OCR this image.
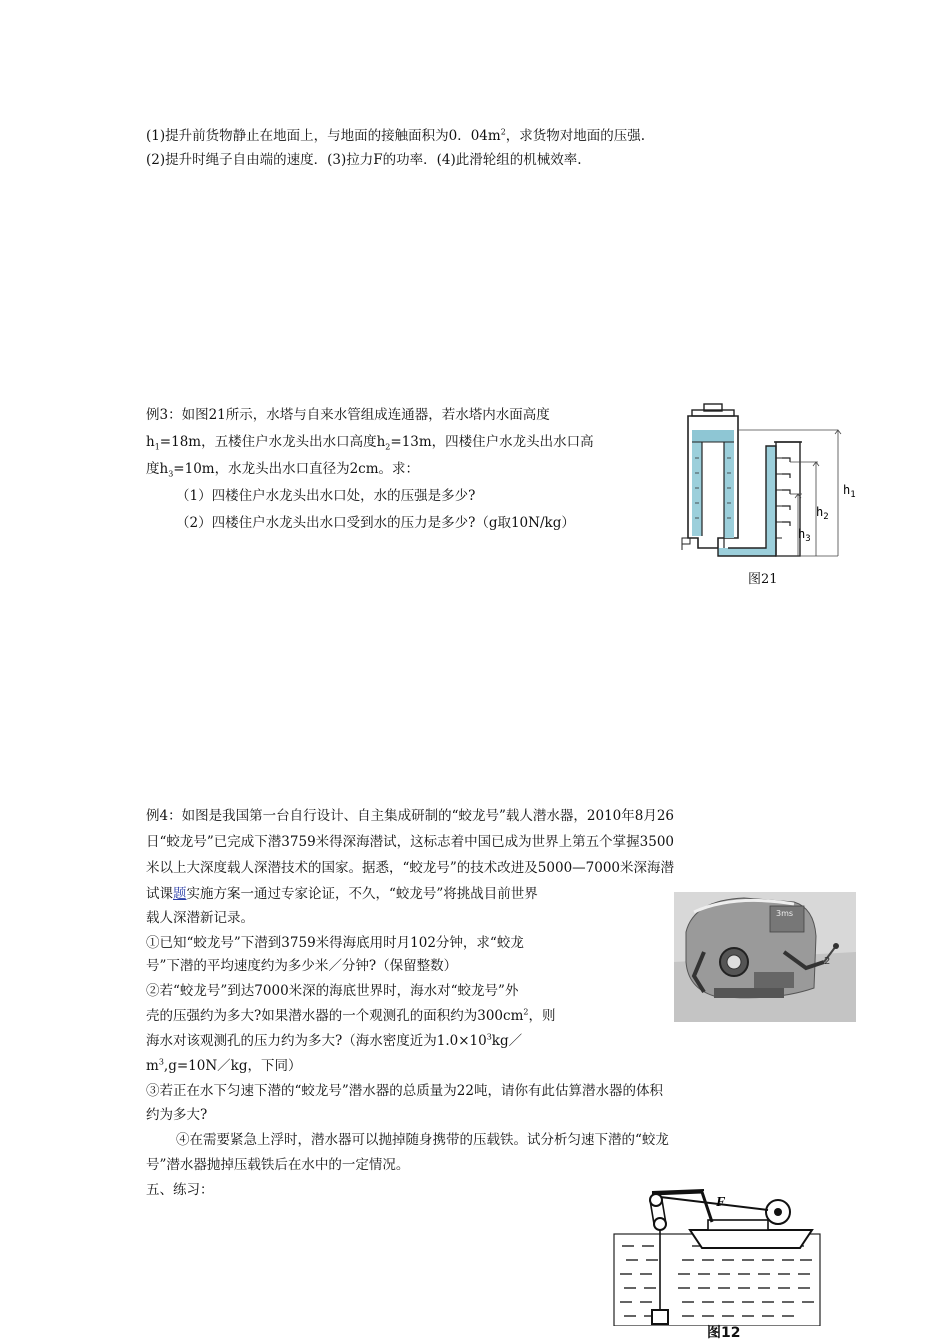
(1)提升前货物静止在地面上，与地面的接触面积为0．$04m^2$，求货物对地面的压强.
(2)提升时绳子自由端的速度．(3)拉力F的功率．(4)此滑轮组的机械效率.
例3：如图21所示，水塔与自来水管组成连通器，若水塔内水面高度
$h_1=18m$，五楼住户水龙头出水口高度$h_2=13m$，四楼住户水龙头出水口高
度$h_3=10m$，水龙头出水口直径为2cm。求：
（1）四楼住户水龙头出水口处，水的压强是多少?
（2）四楼住户水龙头出水口受到水的压力是多少?（g取10N/kg）
$h_1$
$h_2$
$h_3$
图21
例4：如图是我国第一台自行设计、自主集成研制的“蛟龙号”载人潜水器，2010年8月26
日“蛟龙号”已完成下潜3759米得深海潜试，这标志着中国已成为世界上第五个掌握3500
米以上大深度载人深潜技术的国家。据悉，“蛟龙号”的技术改进及5000—7000米深海潜
试课题实施方案一通过专家论证，不久，“蛟龙号”将挑战目前世界
载人深潜新记录。
①已知“蛟龙号”下潜到3759米得海底用时月102分钟，求“蛟龙
号”下潜的平均速度约为多少米／分钟?（保留整数）
②若“蛟龙号”到达7000米深的海底世界时，海水对“蛟龙号”外
壳的压强约为多大?如果潜水器的一个观测孔的面积约为$300cm^2$，则
海水对该观测孔的压力约为多大?（海水密度近为$1.0\times 10^3kg/$
$m^3,g=10N/kg$，下同）
③若正在水下匀速下潜的“蛟龙号”潜水器的总质量为22吨，请你有此估算潜水器的体积
约为多大?
④在需要紧急上浮时，潜水器可以抛掉随身携带的压载铁。试分析匀速下潜的“蛟龙
号”潜水器抛掉压载铁后在水中的一定情况。
3ms
2
五、练习：
F
图12
